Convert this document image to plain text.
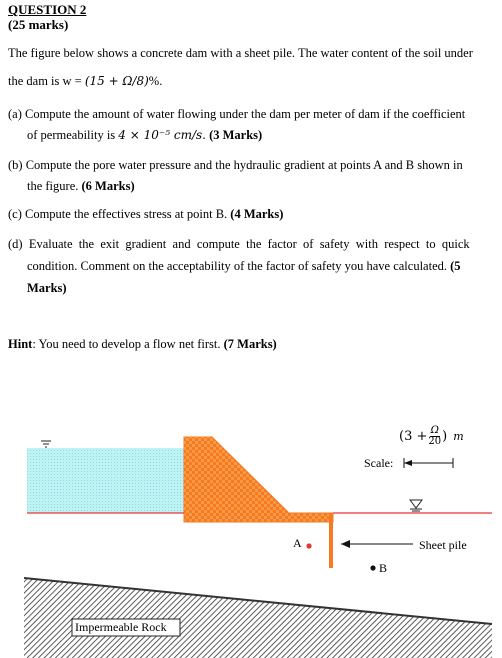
QUESTION 2
(25 marks)
The figure below shows a concrete dam with a sheet pile. The water content of the soil under
the dam is w = (15 + Ω/8)%.
(a) Compute the amount of water flowing under the dam per meter of dam if the coefficient
of permeability is 4 × 10⁻⁵ cm/s. (3 Marks)
(b) Compute the pore water pressure and the hydraulic gradient at points A and B shown in
the figure. (6 Marks)
(c) Compute the effectives stress at point B. (4 Marks)
(d)  Evaluate  the  exit  gradient  and  compute  the  factor  of  safety  with  respect  to  quick
condition. Comment on the acceptability of the factor of safety you have calculated. (5
Marks)
Hint: You need to develop a flow net first. (7 Marks)
A
B
Sheet pile
Impermeable Rock
Scale:
($3 + \frac{\Omega}{20}$ ) m
